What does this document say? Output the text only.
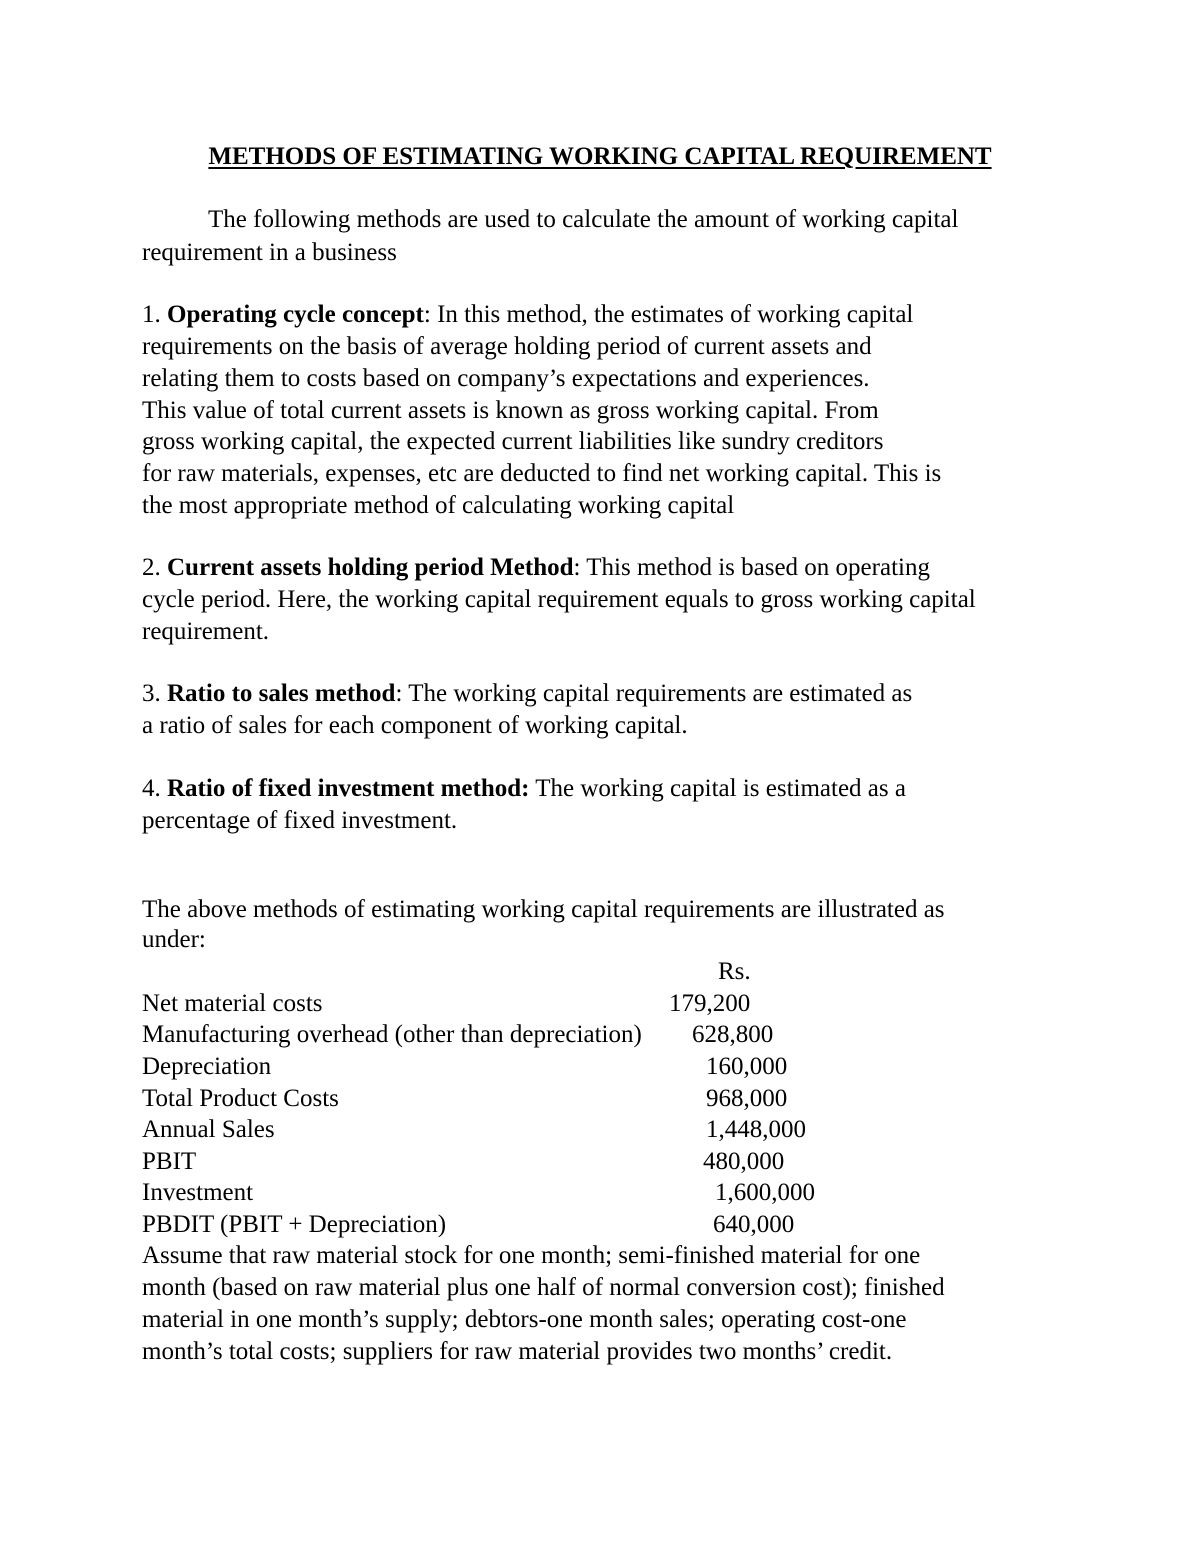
METHODS OF ESTIMATING WORKING CAPITAL REQUIREMENT
The following methods are used to calculate the amount of working capital
requirement in a business
1. Operating cycle concept: In this method, the estimates of working capital
requirements on the basis of average holding period of current assets and
relating them to costs based on company’s expectations and experiences.
This value of total current assets is known as gross working capital. From
gross working capital, the expected current liabilities like sundry creditors
for raw materials, expenses, etc are deducted to find net working capital. This is
the most appropriate method of calculating working capital
2. Current assets holding period Method: This method is based on operating
cycle period. Here, the working capital requirement equals to gross working capital
requirement.
3. Ratio to sales method: The working capital requirements are estimated as
a ratio of sales for each component of working capital.
4. Ratio of fixed investment method: The working capital is estimated as a
percentage of fixed investment.
The above methods of estimating working capital requirements are illustrated as
under:
Rs.
Net material costs	179,200
Manufacturing overhead (other than depreciation) 628,800
Depreciation	160,000
Total Product Costs	968,000
Annual Sales	1,448,000
PBIT	480,000
Investment	1,600,000
PBDIT (PBIT + Depreciation)	640,000
Assume that raw material stock for one month; semi-finished material for one
month (based on raw material plus one half of normal conversion cost); finished
material in one month’s supply; debtors-one month sales; operating cost-one
month’s total costs; suppliers for raw material provides two months’ credit.
